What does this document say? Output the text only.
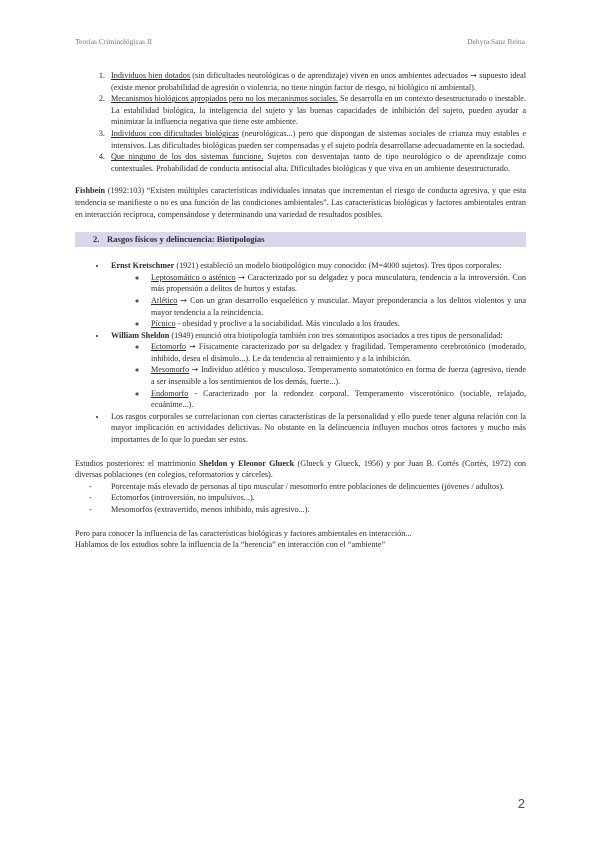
Teorías Criminológicas II	Dehyra Sanz Reina
1. Individuos bien dotados (sin dificultades neurológicas o de aprendizaje) viven en unos ambientes adecuados ➞ supuesto ideal (existe menor probabilidad de agresión o violencia, no tiene ningún factor de riesgo, ni biológico ni ambiental).
2. Mecanismos biológicos apropiados pero no los mecanismos sociales. Se desarrolla en un contexto desestructurado o inestable. La estabilidad biológica, la inteligencia del sujeto y las buenas capacidades de inhibición del sujeto, pueden ayudar a minimizar la influencia negativa que tiene este ambiente.
3. Individuos con dificultades biológicas (neurológicas...) pero que dispongan de sistemas sociales de crianza muy estables e intensivos. Las dificultades biológicas pueden ser compensadas y el sujeto podría desarrollarse adecuadamente en la sociedad.
4. Que ninguno de los dos sistemas funcione. Sujetos con desventajas tanto de tipo neurológico o de aprendizaje como contextuales. Probabilidad de conducta antisocial alta. Dificultades biológicas y que viva en un ambiente desestructurado.

Fishbein (1992:103) “Existen múltiples características individuales innatas que incrementan el riesgo de conducta agresiva, y que esta tendencia se manifieste o no es una función de las condiciones ambientales”. Las características biológicas y factores ambientales entran en interacción recíproca, compensándose y determinando una variedad de resultados posibles.

2. Rasgos físicos y delincuencia: Biotipologías
• Ernst Kretschmer (1921) estableció un modelo biotipológico muy conocido: (M=4000 sujetos). Tres tipos corporales:
◦ Leptosomático o asténico ➞ Caracterizado por su delgadez y poca musculatura, tendencia a la introversión. Con más propensión a delitos de hurtos y estafas.
◦ Atlético ➞ Con un gran desarrollo esquelético y muscular. Mayor preponderancia a los delitos violentos y una mayor tendencia a la reincidencia.
◦ Pícnico - obesidad y proclive a la sociabilidad. Más vinculado a los fraudes.
• William Sheldon (1949) enunció otra biotipología también con tres somatotipos asociados a tres tipos de personalidad:
◦ Ectomorfo ➞ Físicamente caracterizado por su delgadez y fragilidad. Temperamento cerebrotónico (moderado, inhibido, desea el disimulo...). Le da tendencia al retraimiento y a la inhibición.
◦ Mesomorfo ➞ Individuo atlético y musculoso. Temperamento somatotónico en forma de fuerza (agresivo, tiende a ser insensible a los sentimientos de los demás, fuerte...).
◦ Endomorfo - Caracterizado por la redondez corporal. Temperamento viscerotónico (sociable, relajado, ecuánime...).
• Los rasgos corporales se correlacionan con ciertas características de la personalidad y ello puede tener alguna relación con la mayor implicación en actividades delictivas. No obstante en la delincuencia influyen muchos otros factores y mucho más importantes de lo que lo puedan ser estos.

Estudios posteriores: el matrimonio Sheldon y Eleonor Glueck (Glueck y Glueck, 1956) y por Juan B. Cortés (Cortés, 1972) con diversas poblaciones (en colegios, reformatorios y cárceles).

- Porcentaje más elevado de personas al tipo muscular / mesomorfo entre poblaciones de delincuentes (jóvenes / adultos).
- Ectomorfos (introversión, no impulsivos...).
- Mesomorfos (extravertido, menos inhibido, más agresivo...).

Pero para conocer la influencia de las características biológicas y factores ambientales en interacción...
Hablamos de los estudios sobre la influencia de la “herencia” en interacción con el “ambiente”

2
